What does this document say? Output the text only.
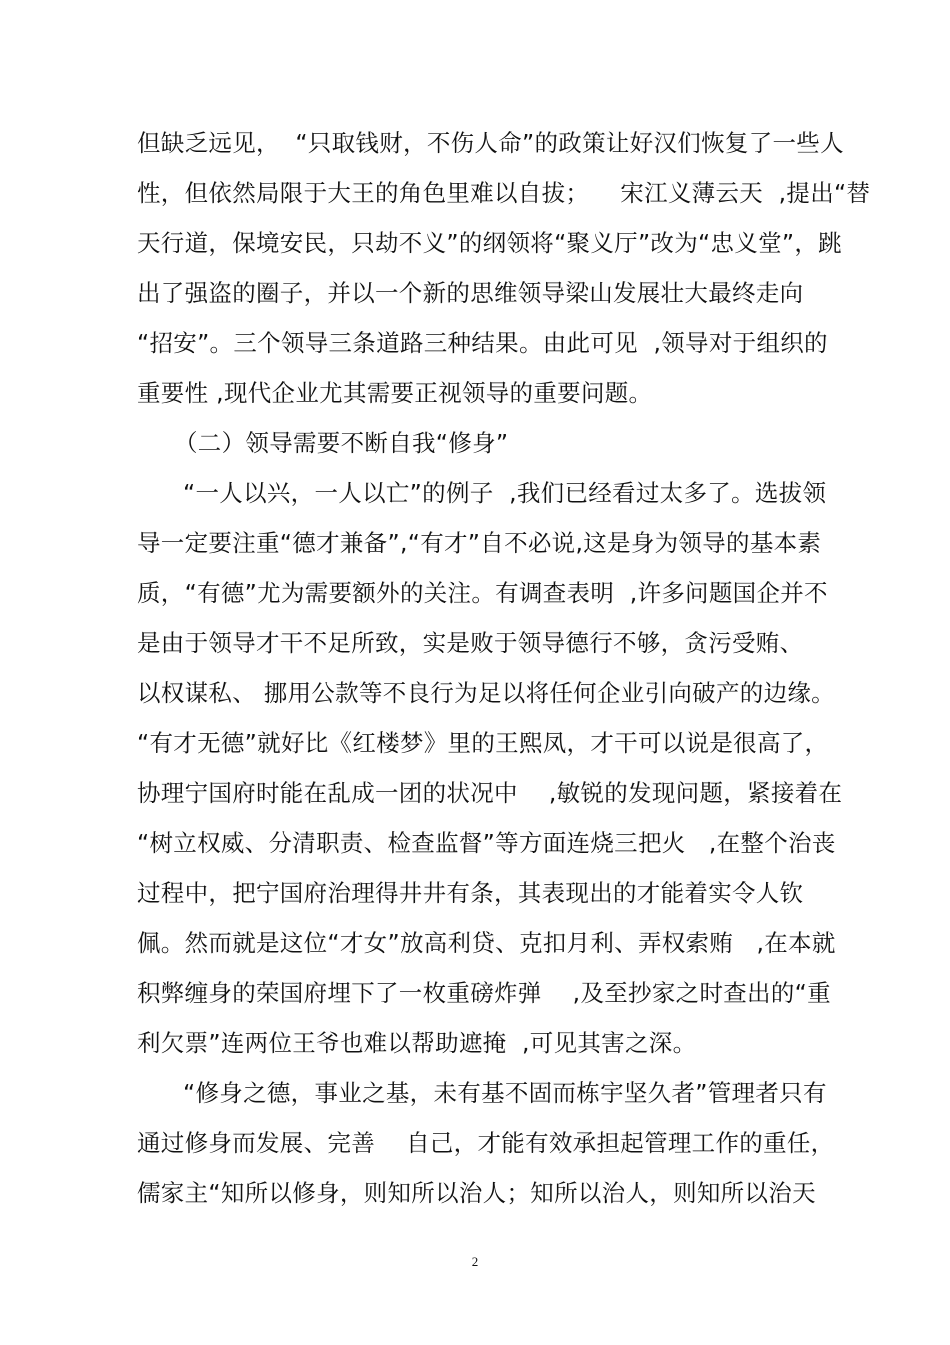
但缺乏远见，  “只取钱财，不伤人命”的政策让好汉们恢复了一些人
性，但依然局限于大王的角色里难以自拔；    宋江义薄云天  ,提出“替
天行道，保境安民，只劫不义”的纲领将“聚义厅”改为“忠义堂”，跳
出了强盗的圈子，并以一个新的思维领导梁山发展壮大最终走向
“招安”。三个领导三条道路三种结果。由此可见  ,领导对于组织的
重要性 ,现代企业尤其需要正视领导的重要问题。
（二）领导需要不断自我“修身”
“一人以兴，一人以亡”的例子  ,我们已经看过太多了。选拔领
导一定要注重“德才兼备”,“有才”自不必说,这是身为领导的基本素
质，“有德”尤为需要额外的关注。有调查表明  ,许多问题国企并不
是由于领导才干不足所致，实是败于领导德行不够，贪污受贿、
以权谋私、 挪用公款等不良行为足以将任何企业引向破产的边缘。
“有才无德”就好比《红楼梦》里的王熙凤，才干可以说是很高了，
协理宁国府时能在乱成一团的状况中    ,敏锐的发现问题，紧接着在
“树立权威、分清职责、检查监督”等方面连烧三把火   ,在整个治丧
过程中，把宁国府治理得井井有条，其表现出的才能着实令人钦
佩。然而就是这位“才女”放高利贷、克扣月利、弄权索贿   ,在本就
积弊缠身的荣国府埋下了一枚重磅炸弹    ,及至抄家之时查出的“重
利欠票”连两位王爷也难以帮助遮掩  ,可见其害之深。
“修身之德，事业之基，未有基不固而栋宇坚久者”管理者只有
通过修身而发展、完善    自己，才能有效承担起管理工作的重任，
儒家主“知所以修身，则知所以治人；知所以治人，则知所以治天
2
